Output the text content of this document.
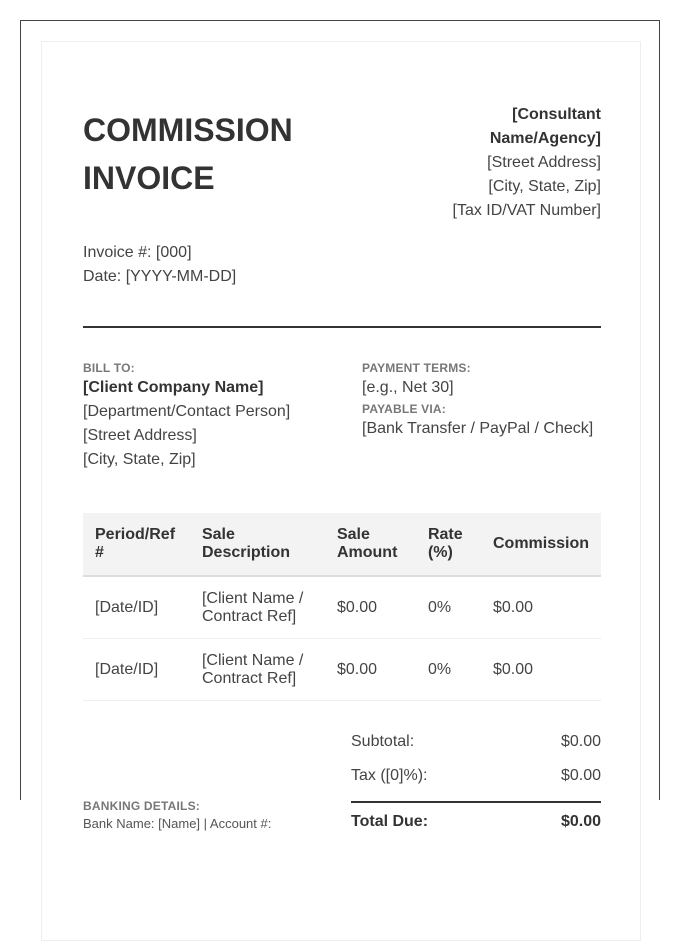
COMMISSION
INVOICE
[Consultant Name/Agency]
[Street Address]
[City, State, Zip]
[Tax ID/VAT Number]
Invoice #: [000]
Date: [YYYY-MM-DD]
BILL TO:
[Client Company Name]
[Department/Contact Person]
[Street Address]
[City, State, Zip]
PAYMENT TERMS:
[e.g., Net 30]
PAYABLE VIA:
[Bank Transfer / PayPal / Check]
Period/Ref #	Sale Description	Sale Amount	Rate (%)	Commission
[Date/ID]	[Client Name / Contract Ref]	$0.00	0%	$0.00
[Date/ID]	[Client Name / Contract Ref]	$0.00	0%	$0.00
Subtotal:	$0.00
Tax ([0]%):	$0.00
Total Due:	$0.00
BANKING DETAILS:
Bank Name: [Name] | Account #:
